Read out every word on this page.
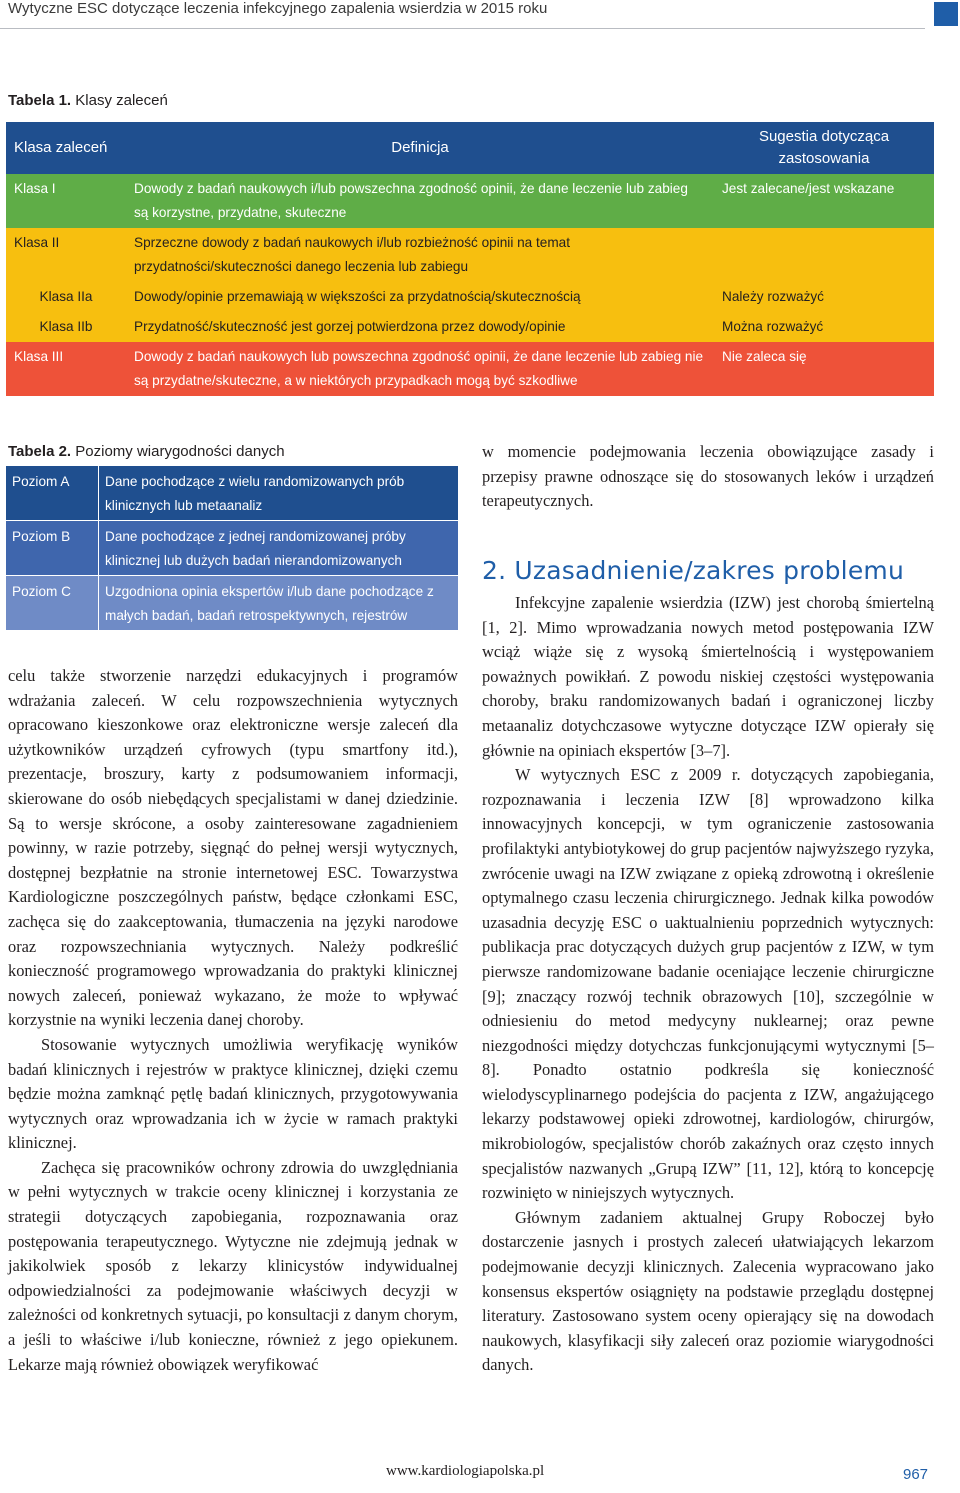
Wytyczne ESC dotyczące leczenia infekcyjnego zapalenia wsierdzia w 2015 roku
Tabela 1. Klasy zaleceń
Klasa zaleceń	Definicja	Sugestia dotycząca zastosowania
Klasa I	Dowody z badań naukowych i/lub powszechna zgodność opinii, że dane leczenie lub zabieg są korzystne, przydatne, skuteczne	Jest zalecane/jest wskazane
Klasa II	Sprzeczne dowody z badań naukowych i/lub rozbieżność opinii na temat przydatności/skuteczności danego leczenia lub zabiegu	
Klasa IIa	Dowody/opinie przemawiają w większości za przydatnością/skutecznością	Należy rozważyć
Klasa IIb	Przydatność/skuteczność jest gorzej potwierdzona przez dowody/opinie	Można rozważyć
Klasa III	Dowody z badań naukowych lub powszechna zgodność opinii, że dane leczenie lub zabieg nie są przydatne/skuteczne, a w niektórych przypadkach mogą być szkodliwe	Nie zaleca się
Tabela 2. Poziomy wiarygodności danych
Poziom A	Dane pochodzące z wielu randomizowanych prób klinicznych lub metaanaliz
Poziom B	Dane pochodzące z jednej randomizowanej próby klinicznej lub dużych badań nierandomizowanych
Poziom C	Uzgodniona opinia ekspertów i/lub dane pochodzące z małych badań, badań retrospektywnych, rejestrów

celu także stworzenie narzędzi edukacyjnych i programów wdrażania zaleceń. W celu rozpowszechnienia wytycznych opracowano kieszonkowe oraz elektroniczne wersje zaleceń dla użytkowników urządzeń cyfrowych (typu smartfony itd.), prezentacje, broszury, karty z podsumowaniem informacji, skierowane do osób niebędących specjalistami w danej dziedzinie. Są to wersje skrócone, a osoby zainteresowane zagadnieniem powinny, w razie potrzeby, sięgnąć do pełnej wersji wytycznych, dostępnej bezpłatnie na stronie internetowej ESC. Towarzystwa Kardiologiczne poszczególnych państw, będące członkami ESC, zachęca się do zaakceptowania, tłumaczenia na języki narodowe oraz rozpowszechniania wytycznych. Należy podkreślić konieczność programowego wprowadzania do praktyki klinicznej nowych zaleceń, ponieważ wykazano, że może to wpływać korzystnie na wyniki leczenia danej choroby.

Stosowanie wytycznych umożliwia weryfikację wyników badań klinicznych i rejestrów w praktyce klinicznej, dzięki czemu będzie można zamknąć pętlę badań klinicznych, przygotowywania wytycznych oraz wprowadzania ich w życie w ramach praktyki klinicznej.

Zachęca się pracowników ochrony zdrowia do uwzględniania w pełni wytycznych w trakcie oceny klinicznej i korzystania ze strategii dotyczących zapobiegania, rozpoznawania oraz postępowania terapeutycznego. Wytyczne nie zdejmują jednak w jakikolwiek sposób z lekarzy klinicystów indywidualnej odpowiedzialności za podejmowanie właściwych decyzji w zależności od konkretnych sytuacji, po konsultacji z danym chorym, a jeśli to właściwe i/lub konieczne, również z jego opiekunem. Lekarze mają również obowiązek weryfikować

w momencie podejmowania leczenia obowiązujące zasady i przepisy prawne odnoszące się do stosowanych leków i urządzeń terapeutycznych.

2. Uzasadnienie/zakres problemu

Infekcyjne zapalenie wsierdzia (IZW) jest chorobą śmiertelną [1, 2]. Mimo wprowadzania nowych metod postępowania IZW wciąż wiąże się z wysoką śmiertelnością i występowaniem poważnych powikłań. Z powodu niskiej częstości występowania choroby, braku randomizowanych badań i ograniczonej liczby metaanaliz dotychczasowe wytyczne dotyczące IZW opierały się głównie na opiniach ekspertów [3–7].

W wytycznych ESC z 2009 r. dotyczących zapobiegania, rozpoznawania i leczenia IZW [8] wprowadzono kilka innowacyjnych koncepcji, w tym ograniczenie zastosowania profilaktyki antybiotykowej do grup pacjentów najwyższego ryzyka, zwrócenie uwagi na IZW związane z opieką zdrowotną i określenie optymalnego czasu leczenia chirurgicznego. Jednak kilka powodów uzasadnia decyzję ESC o uaktualnieniu poprzednich wytycznych: publikacja prac dotyczących dużych grup pacjentów z IZW, w tym pierwsze randomizowane badanie oceniające leczenie chirurgiczne [9]; znaczący rozwój technik obrazowych [10], szczególnie w odniesieniu do metod medycyny nuklearnej; oraz pewne niezgodności między dotychczas funkcjonującymi wytycznymi [5–8]. Ponadto ostatnio podkreśla się konieczność wielodyscyplinarnego podejścia do pacjenta z IZW, angażującego lekarzy podstawowej opieki zdrowotnej, kardiologów, chirurgów, mikrobiologów, specjalistów chorób zakaźnych oraz często innych specjalistów nazwanych „Grupą IZW” [11, 12], którą to koncepcję rozwinięto w niniejszych wytycznych.

Głównym zadaniem aktualnej Grupy Roboczej było dostarczenie jasnych i prostych zaleceń ułatwiających lekarzom podejmowanie decyzji klinicznych. Zalecenia wypracowano jako konsensus ekspertów osiągnięty na podstawie przeglądu dostępnej literatury. Zastosowano system oceny opierający się na dowodach naukowych, klasyfikacji siły zaleceń oraz poziomie wiarygodności danych.

www.kardiologiapolska.pl	967
